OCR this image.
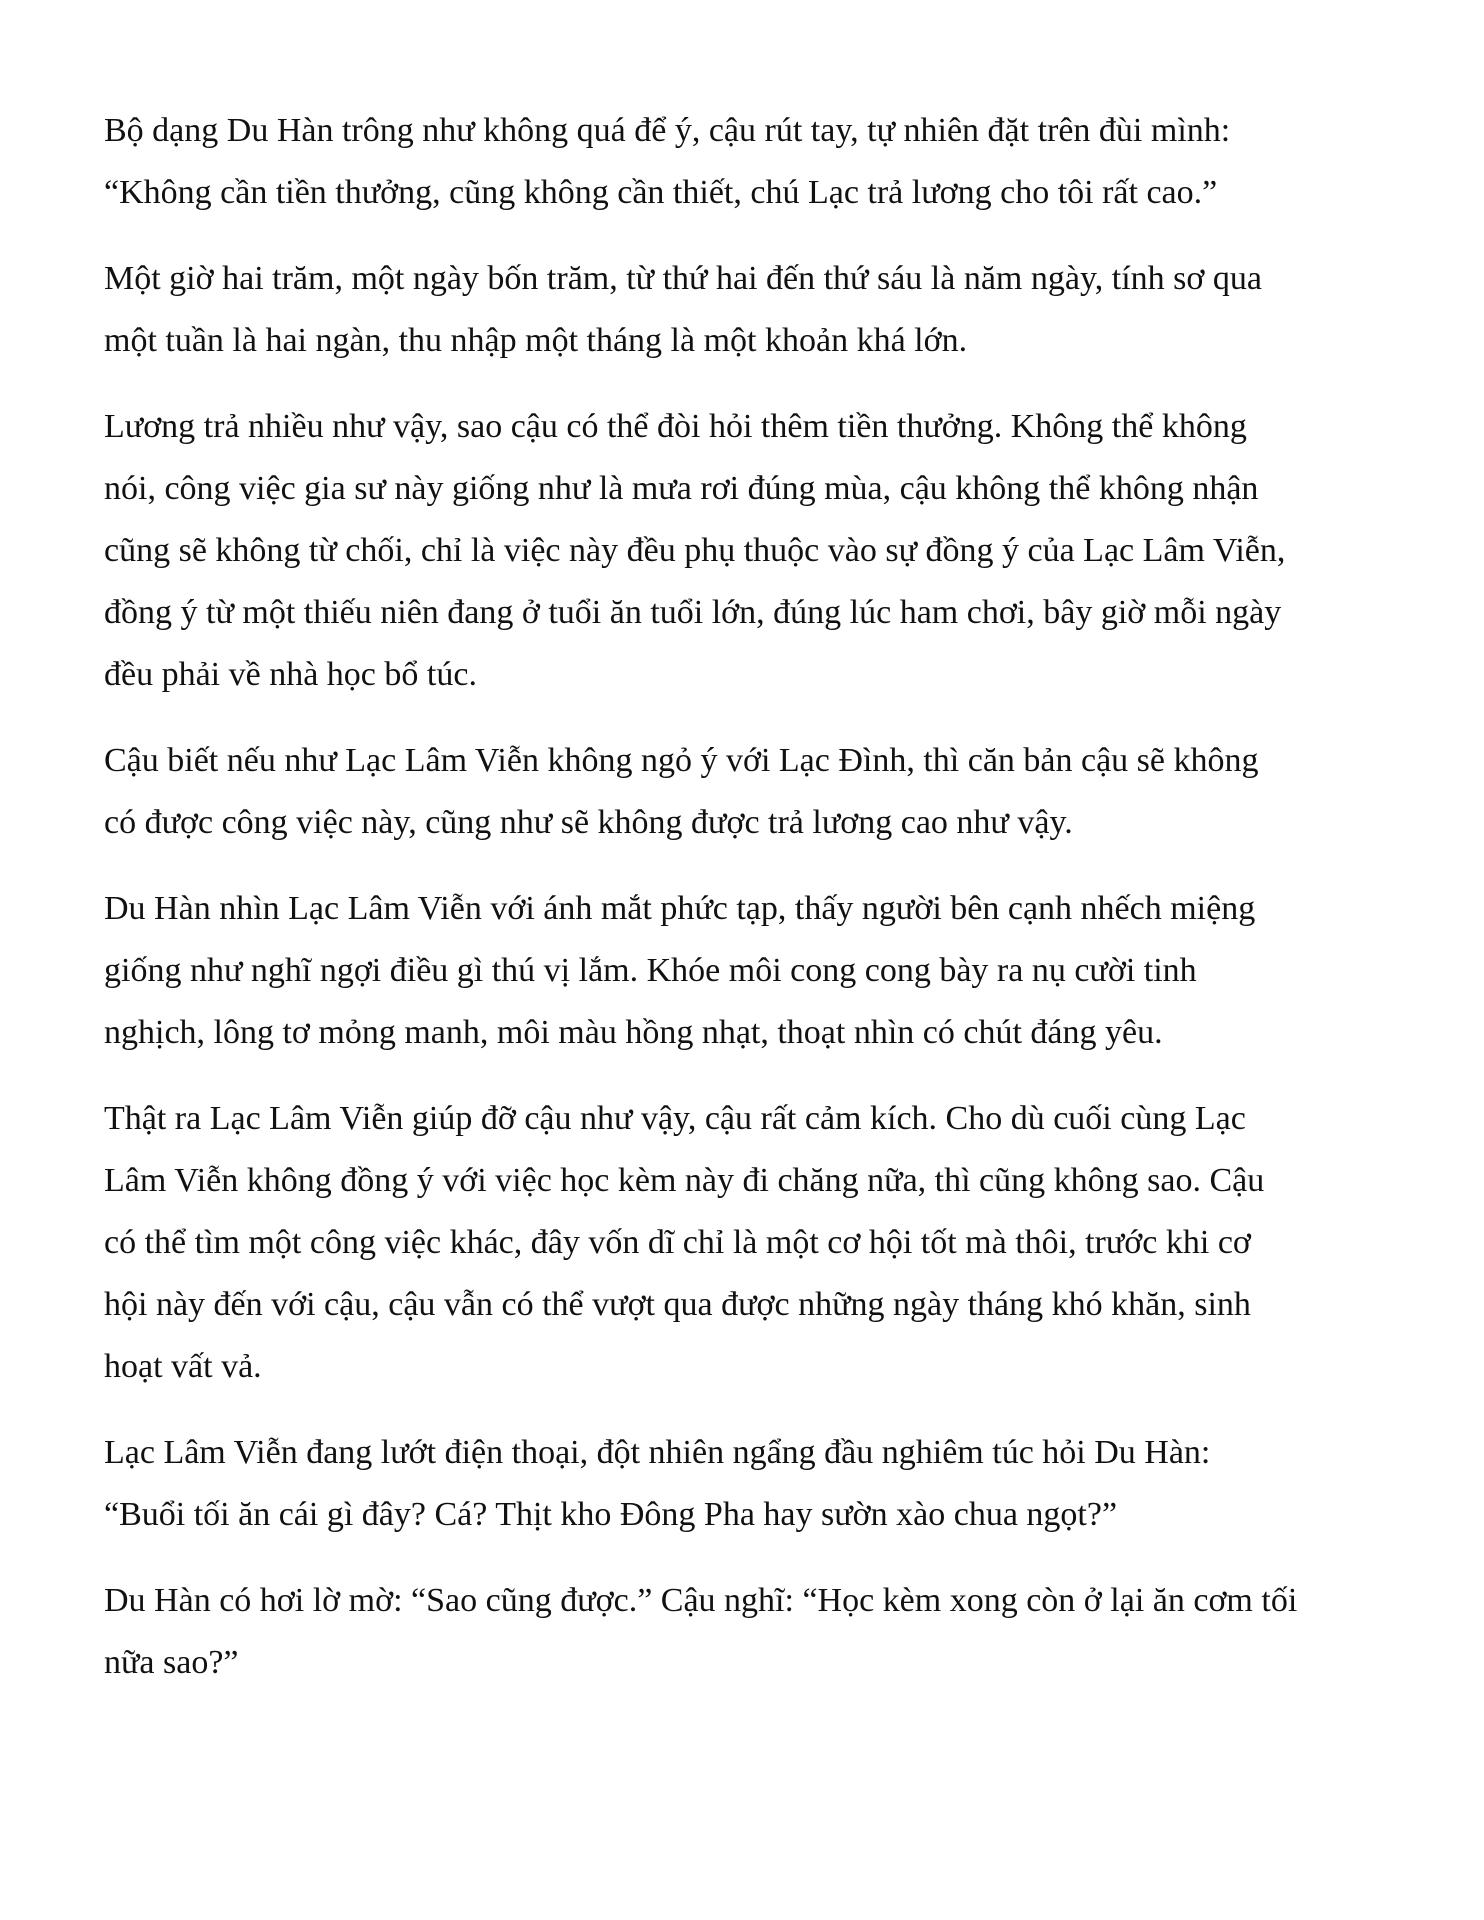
Bộ dạng Du Hàn trông như không quá để ý, cậu rút tay, tự nhiên đặt trên đùi mình:
“Không cần tiền thưởng, cũng không cần thiết, chú Lạc trả lương cho tôi rất cao.”

Một giờ hai trăm, một ngày bốn trăm, từ thứ hai đến thứ sáu là năm ngày, tính sơ qua
một tuần là hai ngàn, thu nhập một tháng là một khoản khá lớn.

Lương trả nhiều như vậy, sao cậu có thể đòi hỏi thêm tiền thưởng. Không thể không
nói, công việc gia sư này giống như là mưa rơi đúng mùa, cậu không thể không nhận
cũng sẽ không từ chối, chỉ là việc này đều phụ thuộc vào sự đồng ý của Lạc Lâm Viễn,
đồng ý từ một thiếu niên đang ở tuổi ăn tuổi lớn, đúng lúc ham chơi, bây giờ mỗi ngày
đều phải về nhà học bổ túc.

Cậu biết nếu như Lạc Lâm Viễn không ngỏ ý với Lạc Đình, thì căn bản cậu sẽ không
có được công việc này, cũng như sẽ không được trả lương cao như vậy.

Du Hàn nhìn Lạc Lâm Viễn với ánh mắt phức tạp, thấy người bên cạnh nhếch miệng
giống như nghĩ ngợi điều gì thú vị lắm. Khóe môi cong cong bày ra nụ cười tinh
nghịch, lông tơ mỏng manh, môi màu hồng nhạt, thoạt nhìn có chút đáng yêu.

Thật ra Lạc Lâm Viễn giúp đỡ cậu như vậy, cậu rất cảm kích. Cho dù cuối cùng Lạc
Lâm Viễn không đồng ý với việc học kèm này đi chăng nữa, thì cũng không sao. Cậu
có thể tìm một công việc khác, đây vốn dĩ chỉ là một cơ hội tốt mà thôi, trước khi cơ
hội này đến với cậu, cậu vẫn có thể vượt qua được những ngày tháng khó khăn, sinh
hoạt vất vả.

Lạc Lâm Viễn đang lướt điện thoại, đột nhiên ngẩng đầu nghiêm túc hỏi Du Hàn:
“Buổi tối ăn cái gì đây? Cá? Thịt kho Đông Pha hay sườn xào chua ngọt?”

Du Hàn có hơi lờ mờ: “Sao cũng được.” Cậu nghĩ: “Học kèm xong còn ở lại ăn cơm tối
nữa sao?”
